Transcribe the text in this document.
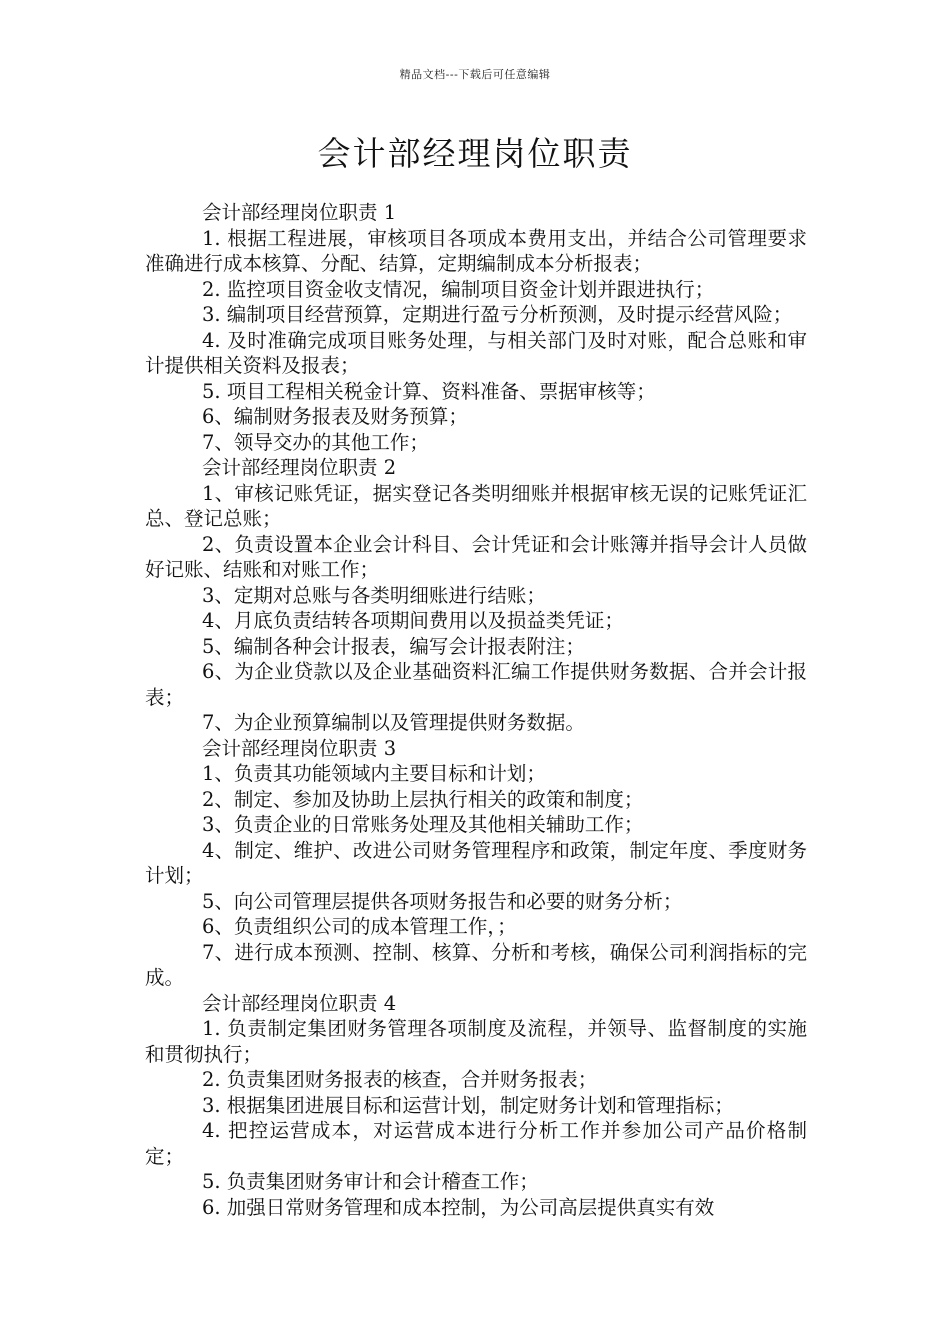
精品文档---下载后可任意编辑
会计部经理岗位职责

会计部经理岗位职责 1

1. 根据工程进展，审核项目各项成本费用支出，并结合公司管理要求准确进行成本核算、分配、结算，定期编制成本分析报表；

2. 监控项目资金收支情况，编制项目资金计划并跟进执行；

3. 编制项目经营预算，定期进行盈亏分析预测，及时提示经营风险；

4. 及时准确完成项目账务处理，与相关部门及时对账，配合总账和审计提供相关资料及报表；

5. 项目工程相关税金计算、资料准备、票据审核等；

6、编制财务报表及财务预算；

7、领导交办的其他工作；

会计部经理岗位职责 2

1、审核记账凭证，据实登记各类明细账并根据审核无误的记账凭证汇总、登记总账；

2、负责设置本企业会计科目、会计凭证和会计账簿并指导会计人员做好记账、结账和对账工作；

3、定期对总账与各类明细账进行结账；

4、月底负责结转各项期间费用以及损益类凭证；

5、编制各种会计报表，编写会计报表附注；

6、为企业贷款以及企业基础资料汇编工作提供财务数据、合并会计报表；

7、为企业预算编制以及管理提供财务数据。

会计部经理岗位职责 3

1、负责其功能领域内主要目标和计划；

2、制定、参加及协助上层执行相关的政策和制度；

3、负责企业的日常账务处理及其他相关辅助工作；

4、制定、维护、改进公司财务管理程序和政策，制定年度、季度财务计划；

5、向公司管理层提供各项财务报告和必要的财务分析；

6、负责组织公司的成本管理工作，；

7、进行成本预测、控制、核算、分析和考核，确保公司利润指标的完成。

会计部经理岗位职责 4

1. 负责制定集团财务管理各项制度及流程，并领导、监督制度的实施和贯彻执行；

2. 负责集团财务报表的核查，合并财务报表；

3. 根据集团进展目标和运营计划，制定财务计划和管理指标；

4. 把控运营成本，对运营成本进行分析工作并参加公司产品价格制定；

5. 负责集团财务审计和会计稽查工作；

6. 加强日常财务管理和成本控制，为公司高层提供真实有效
